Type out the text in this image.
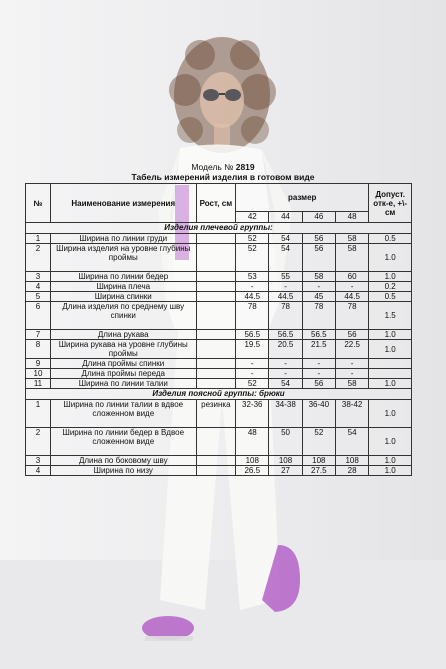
Модель № 2819
Табель измерений изделия в готовом виде
№	Наименование измерения	Рост, см	размер				Допуст. отк-е, +\-см
			42	44	46	48	
Изделия плечевой группы:							
1	Ширина по линии груди		52	54	56	58	0.5
2	Ширина изделия на уровне глубины проймы		52	54	56	58	1.0
3	Ширина по линии бедер		53	55	58	60	1.0
4	Ширина плеча		-	-	-	-	0.2
5	Ширина спинки		44.5	44.5	45	44.5	0.5
6	Длина изделия по среднему шву спинки		78	78	78	78	1.5
7	Длина рукава		56.5	56.5	56.5	56	1.0
8	Ширина рукава на уровне глубины проймы		19.5	20.5	21.5	22.5	1.0
9	Длина проймы спинки		-	-	-	-	
10	Длина проймы переда		-	-	-	-	
11	Ширина по линии талии		52	54	56	58	1.0
Изделия поясной группы: брюки							
1	Ширина по линии талии в вдвое сложенном виде	резинка	32-36	34-38	36-40	38-42	1.0
2	Ширина по линии бедер в Вдвое сложенном виде		48	50	52	54	1.0
3	Длина по боковому шву		108	108	108	108	1.0
4	Ширина по низу		26.5	27	27.5	28	1.0
